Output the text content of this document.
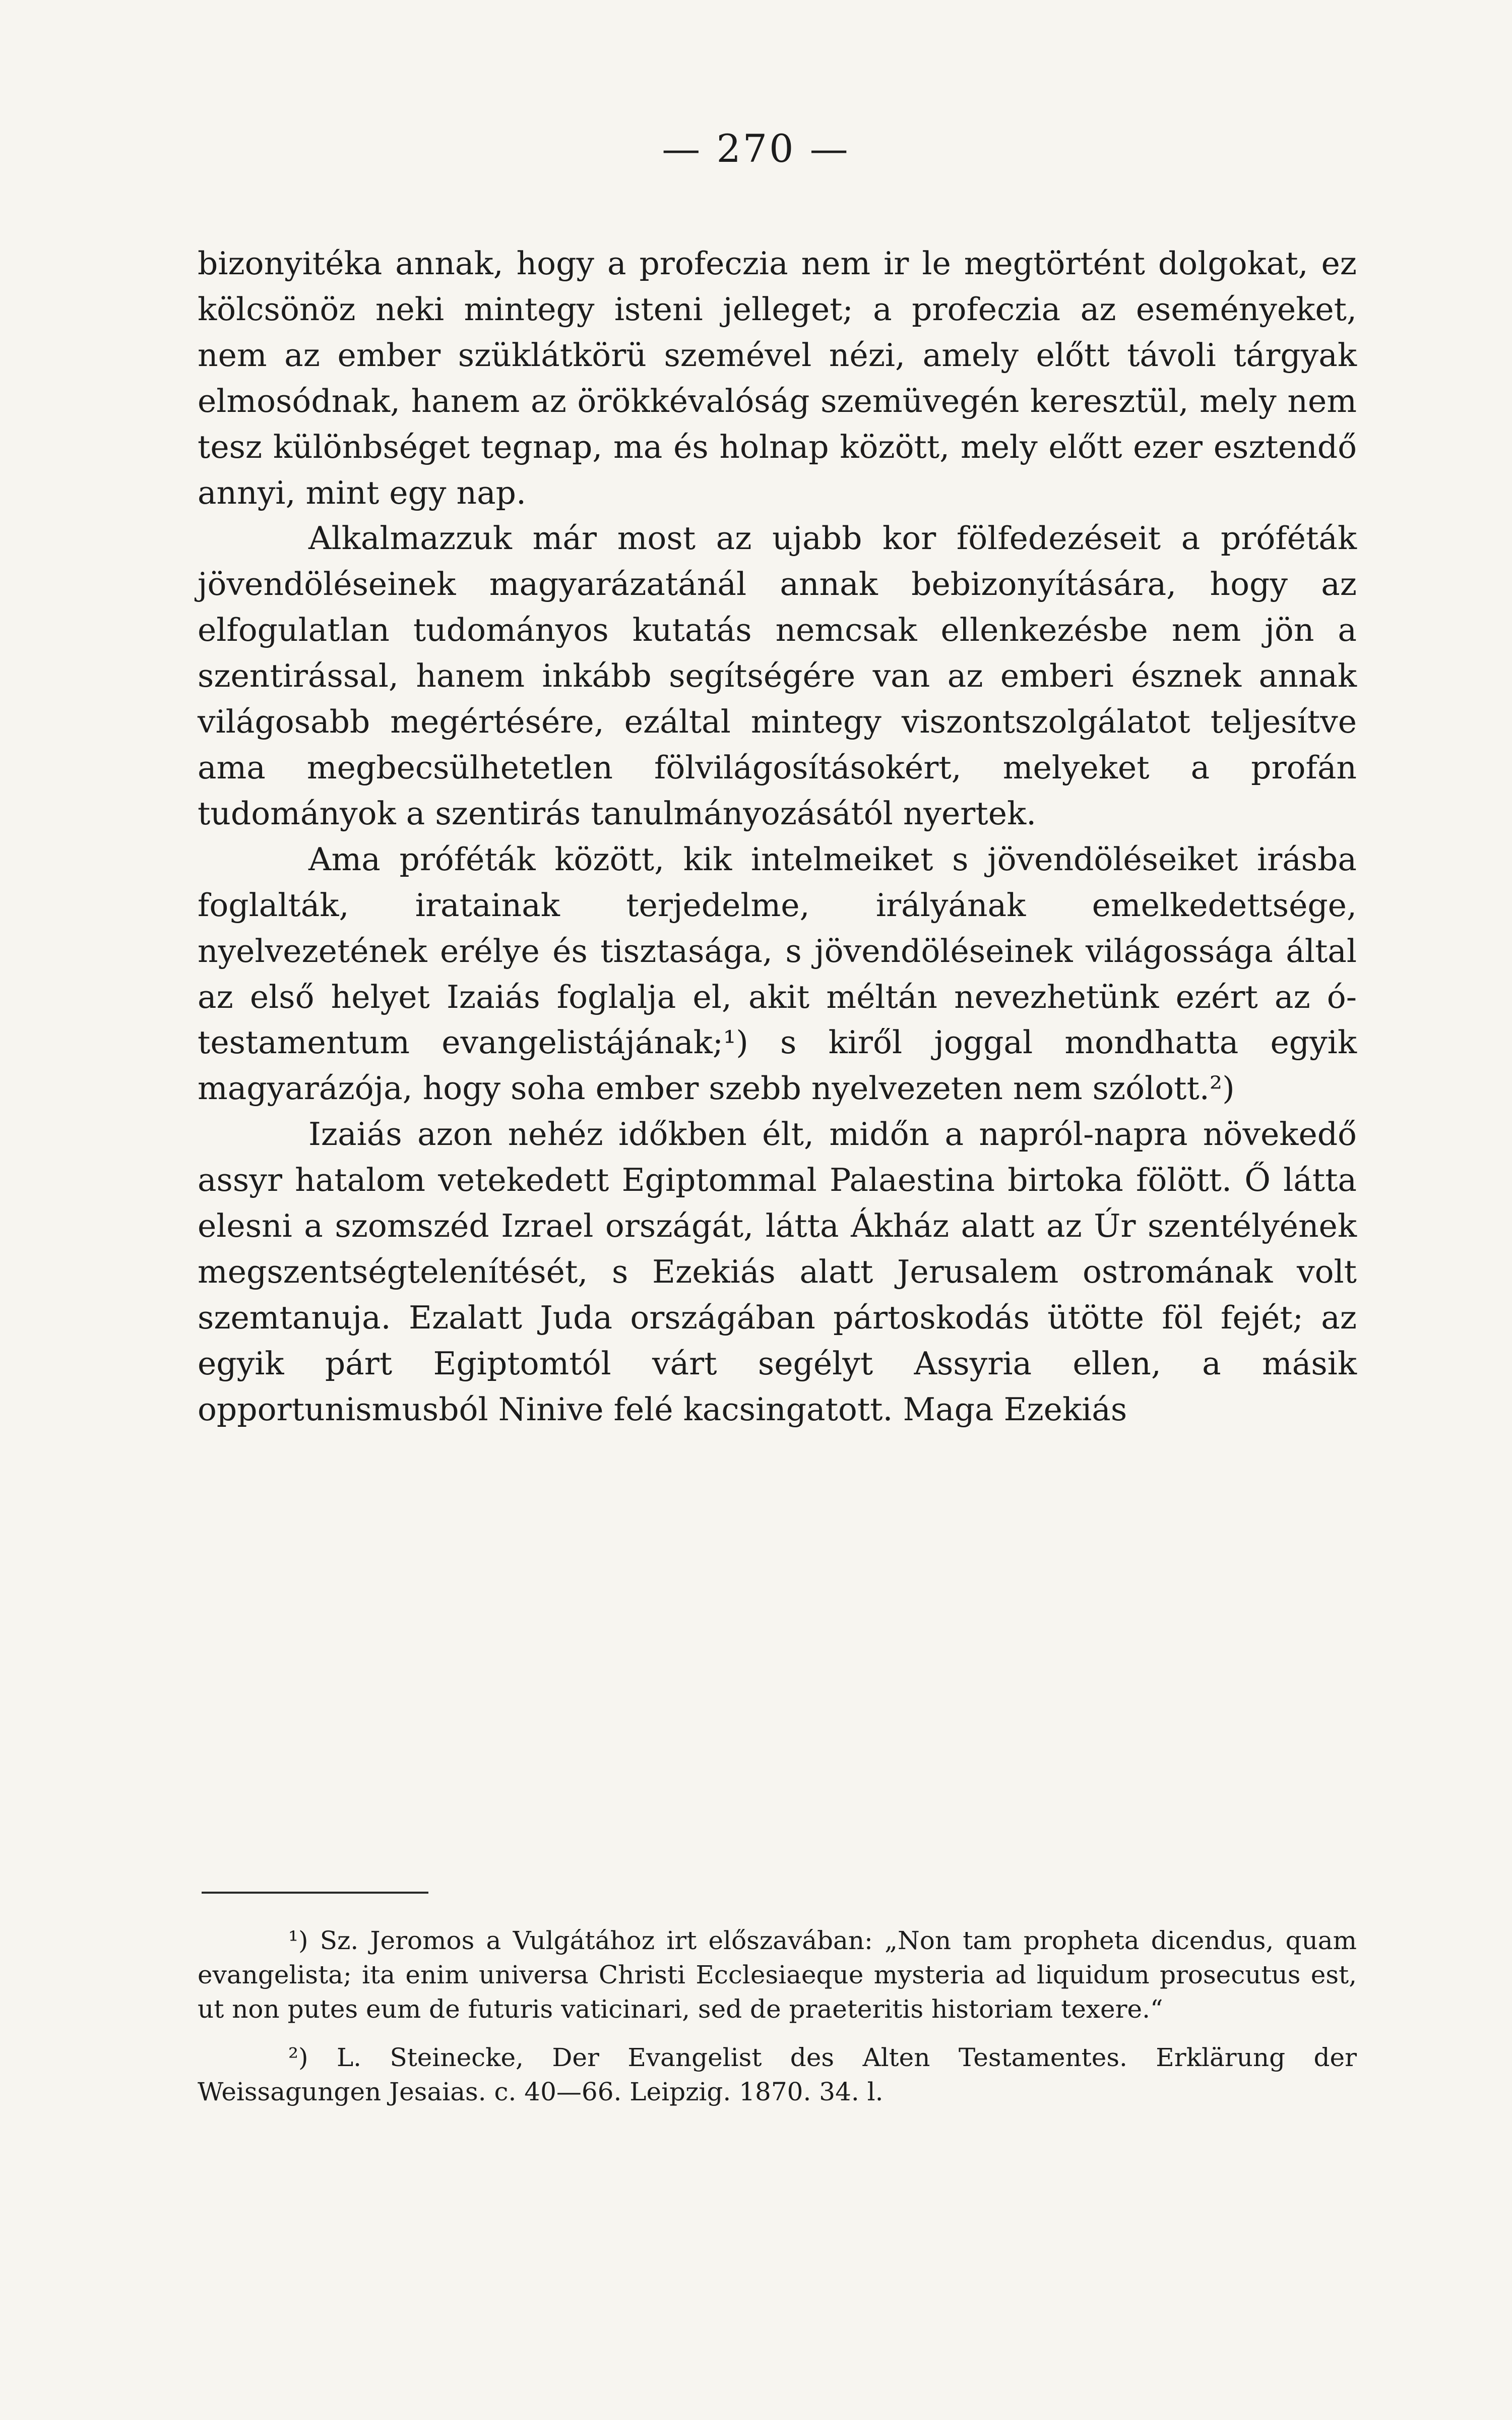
— 270 —

bizonyitéka annak, hogy a profeczia nem ir le megtörtént dolgokat, ez kölcsönöz neki mintegy isteni jelleget; a profeczia az eseményeket, nem az ember szüklátkörü szemével nézi, amely előtt távoli tárgyak elmosódnak, hanem az örökkévalóság szemüvegén keresztül, mely nem tesz különbséget tegnap, ma és holnap között, mely előtt ezer esztendő annyi, mint egy nap.

Alkalmazzuk már most az ujabb kor fölfedezéseit a próféták jövendöléseinek magyarázatánál annak bebizonyítására, hogy az elfogulatlan tudományos kutatás nemcsak ellenkezésbe nem jön a szentirással, hanem inkább segítségére van az emberi észnek annak világosabb megértésére, ezáltal mintegy viszontszolgálatot teljesítve ama megbecsülhetetlen fölvilágosításokért, melyeket a profán tudományok a szentirás tanulmányozásától nyertek.

Ama próféták között, kik intelmeiket s jövendöléseiket irásba foglalták, iratainak terjedelme, irályának emelkedettsége, nyelvezetének erélye és tisztasága, s jövendöléseinek világossága által az első helyet Izaiás foglalja el, akit méltán nevezhetünk ezért az ó-testamentum evangelistájának;¹) s kiről joggal mondhatta egyik magyarázója, hogy soha ember szebb nyelvezeten nem szólott.²)

Izaiás azon nehéz időkben élt, midőn a napról-napra növekedő assyr hatalom vetekedett Egiptommal Palaestina birtoka fölött. Ő látta elesni a szomszéd Izrael országát, látta Ákház alatt az Úr szentélyének megszentségtelenítését, s Ezekiás alatt Jerusalem ostromának volt szemtanuja. Ezalatt Juda országában pártoskodás ütötte föl fejét; az egyik párt Egiptomtól várt segélyt Assyria ellen, a másik opportunismusból Ninive felé kacsingatott. Maga Ezekiás

¹) Sz. Jeromos a Vulgátához irt előszavában: „Non tam propheta dicendus, quam evangelista; ita enim universa Christi Ecclesiaeque mysteria ad liquidum prosecutus est, ut non putes eum de futuris vaticinari, sed de praeteritis historiam texere.“

²) L. Steinecke, Der Evangelist des Alten Testamentes. Erklärung der Weissagungen Jesaias. c. 40—66. Leipzig. 1870. 34. l.
